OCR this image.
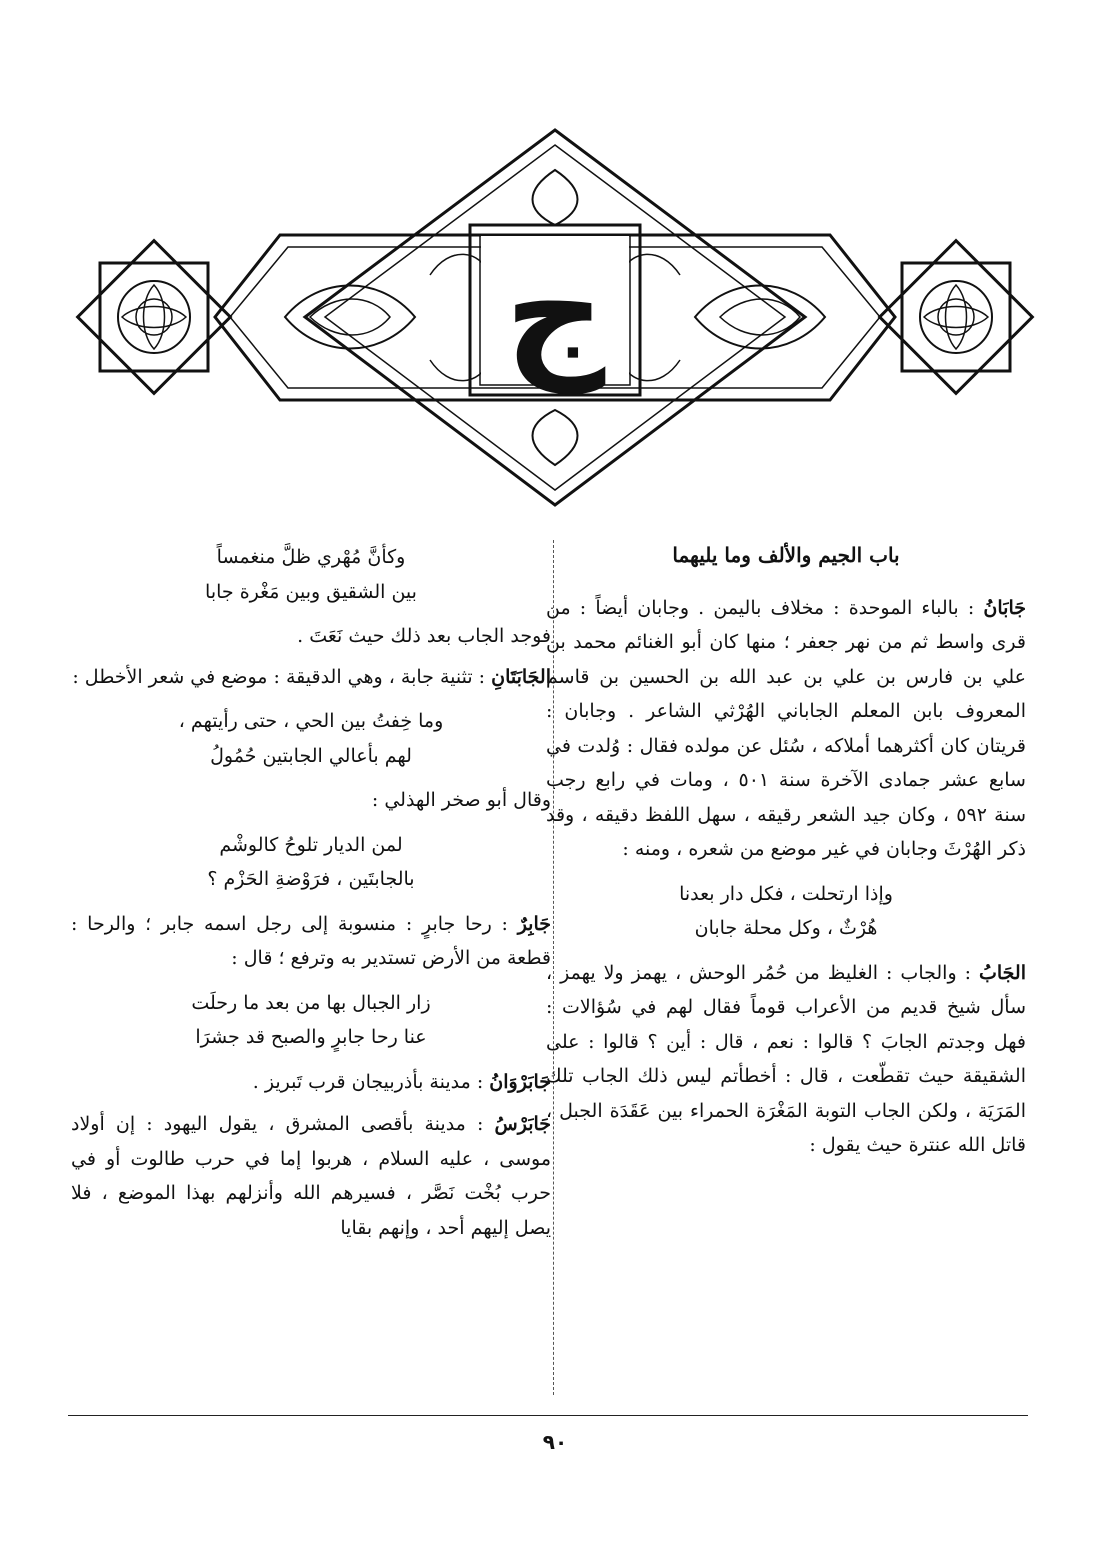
ج
باب الجيم والألف وما يليهما

جَابَانُ : بالباء الموحدة : مخلاف باليمن . وجابان أيضاً : من قرى واسط ثم من نهر جعفر ؛ منها كان أبو الغنائم محمد بن علي بن فارس بن علي بن عبد الله بن الحسين بن قاسم المعروف بابن المعلم الجاباني الهُرْثي الشاعر . وجابان : قريتان كان أكثرهما أملاكه ، سُئل عن مولده فقال : وُلدت في سابع عشر جمادى الآخرة سنة ٥٠١ ، ومات في رابع رجب سنة ٥٩٢ ، وكان جيد الشعر رقيقه ، سهل اللفظ دقيقه ، وقد ذكر الهُرْثَ وجابان في غير موضع من شعره ، ومنه :

وإذا ارتحلت ، فكل دار بعدنا
هُرْثٌ ، وكل محلة جابان

الجَابُ : والجاب : الغليظ من حُمُر الوحش ، يهمز ولا يهمز ، سأل شيخ قديم من الأعراب قوماً فقال لهم في سُؤالات : فهل وجدتم الجابَ ؟ قالوا : نعم ، قال : أين ؟ قالوا : على الشقيقة حيث تقطّعت ، قال : أخطأتم ليس ذلك الجاب تلك المَرَيَة ، ولكن الجاب التوبة المَغْرَة الحمراء بين عَقَدَة الجبل ، قاتل الله عنترة حيث يقول :

وكأنَّ مُهْري ظلَّ منغمساً
بين الشقيق وبين مَغْرة جابا

فوجد الجاب بعد ذلك حيث نَعَتَ .

الجَابَتَانِ : تثنية جابة ، وهي الدقيقة : موضع في شعر الأخطل :

وما خِفتُ بين الحي ، حتى رأيتهم ،
لهم بأعالي الجابتين حُمُولُ

وقال أبو صخر الهذلي :

لمن الديار تلوحُ كالوشْم
بالجابتَين ، فرَوْضةِ الحَزْم ؟

جَابِرٌ : رحا جابرٍ : منسوبة إلى رجل اسمه جابر ؛ والرحا : قطعة من الأرض تستدير به وترفع ؛ قال :

زار الجبال بها من بعد ما رحلَت
عنا رحا جابرٍ والصبح قد جشرَا

جَابَرْوَانُ : مدينة بأذربيجان قرب تَبريز .

جَابَرْسُ : مدينة بأقصى المشرق ، يقول اليهود : إن أولاد موسى ، عليه السلام ، هربوا إما في حرب طالوت أو في حرب بُخْت نَصَّر ، فسيرهم الله وأنزلهم بهذا الموضع ، فلا يصل إليهم أحد ، وإنهم بقايا

٩٠
